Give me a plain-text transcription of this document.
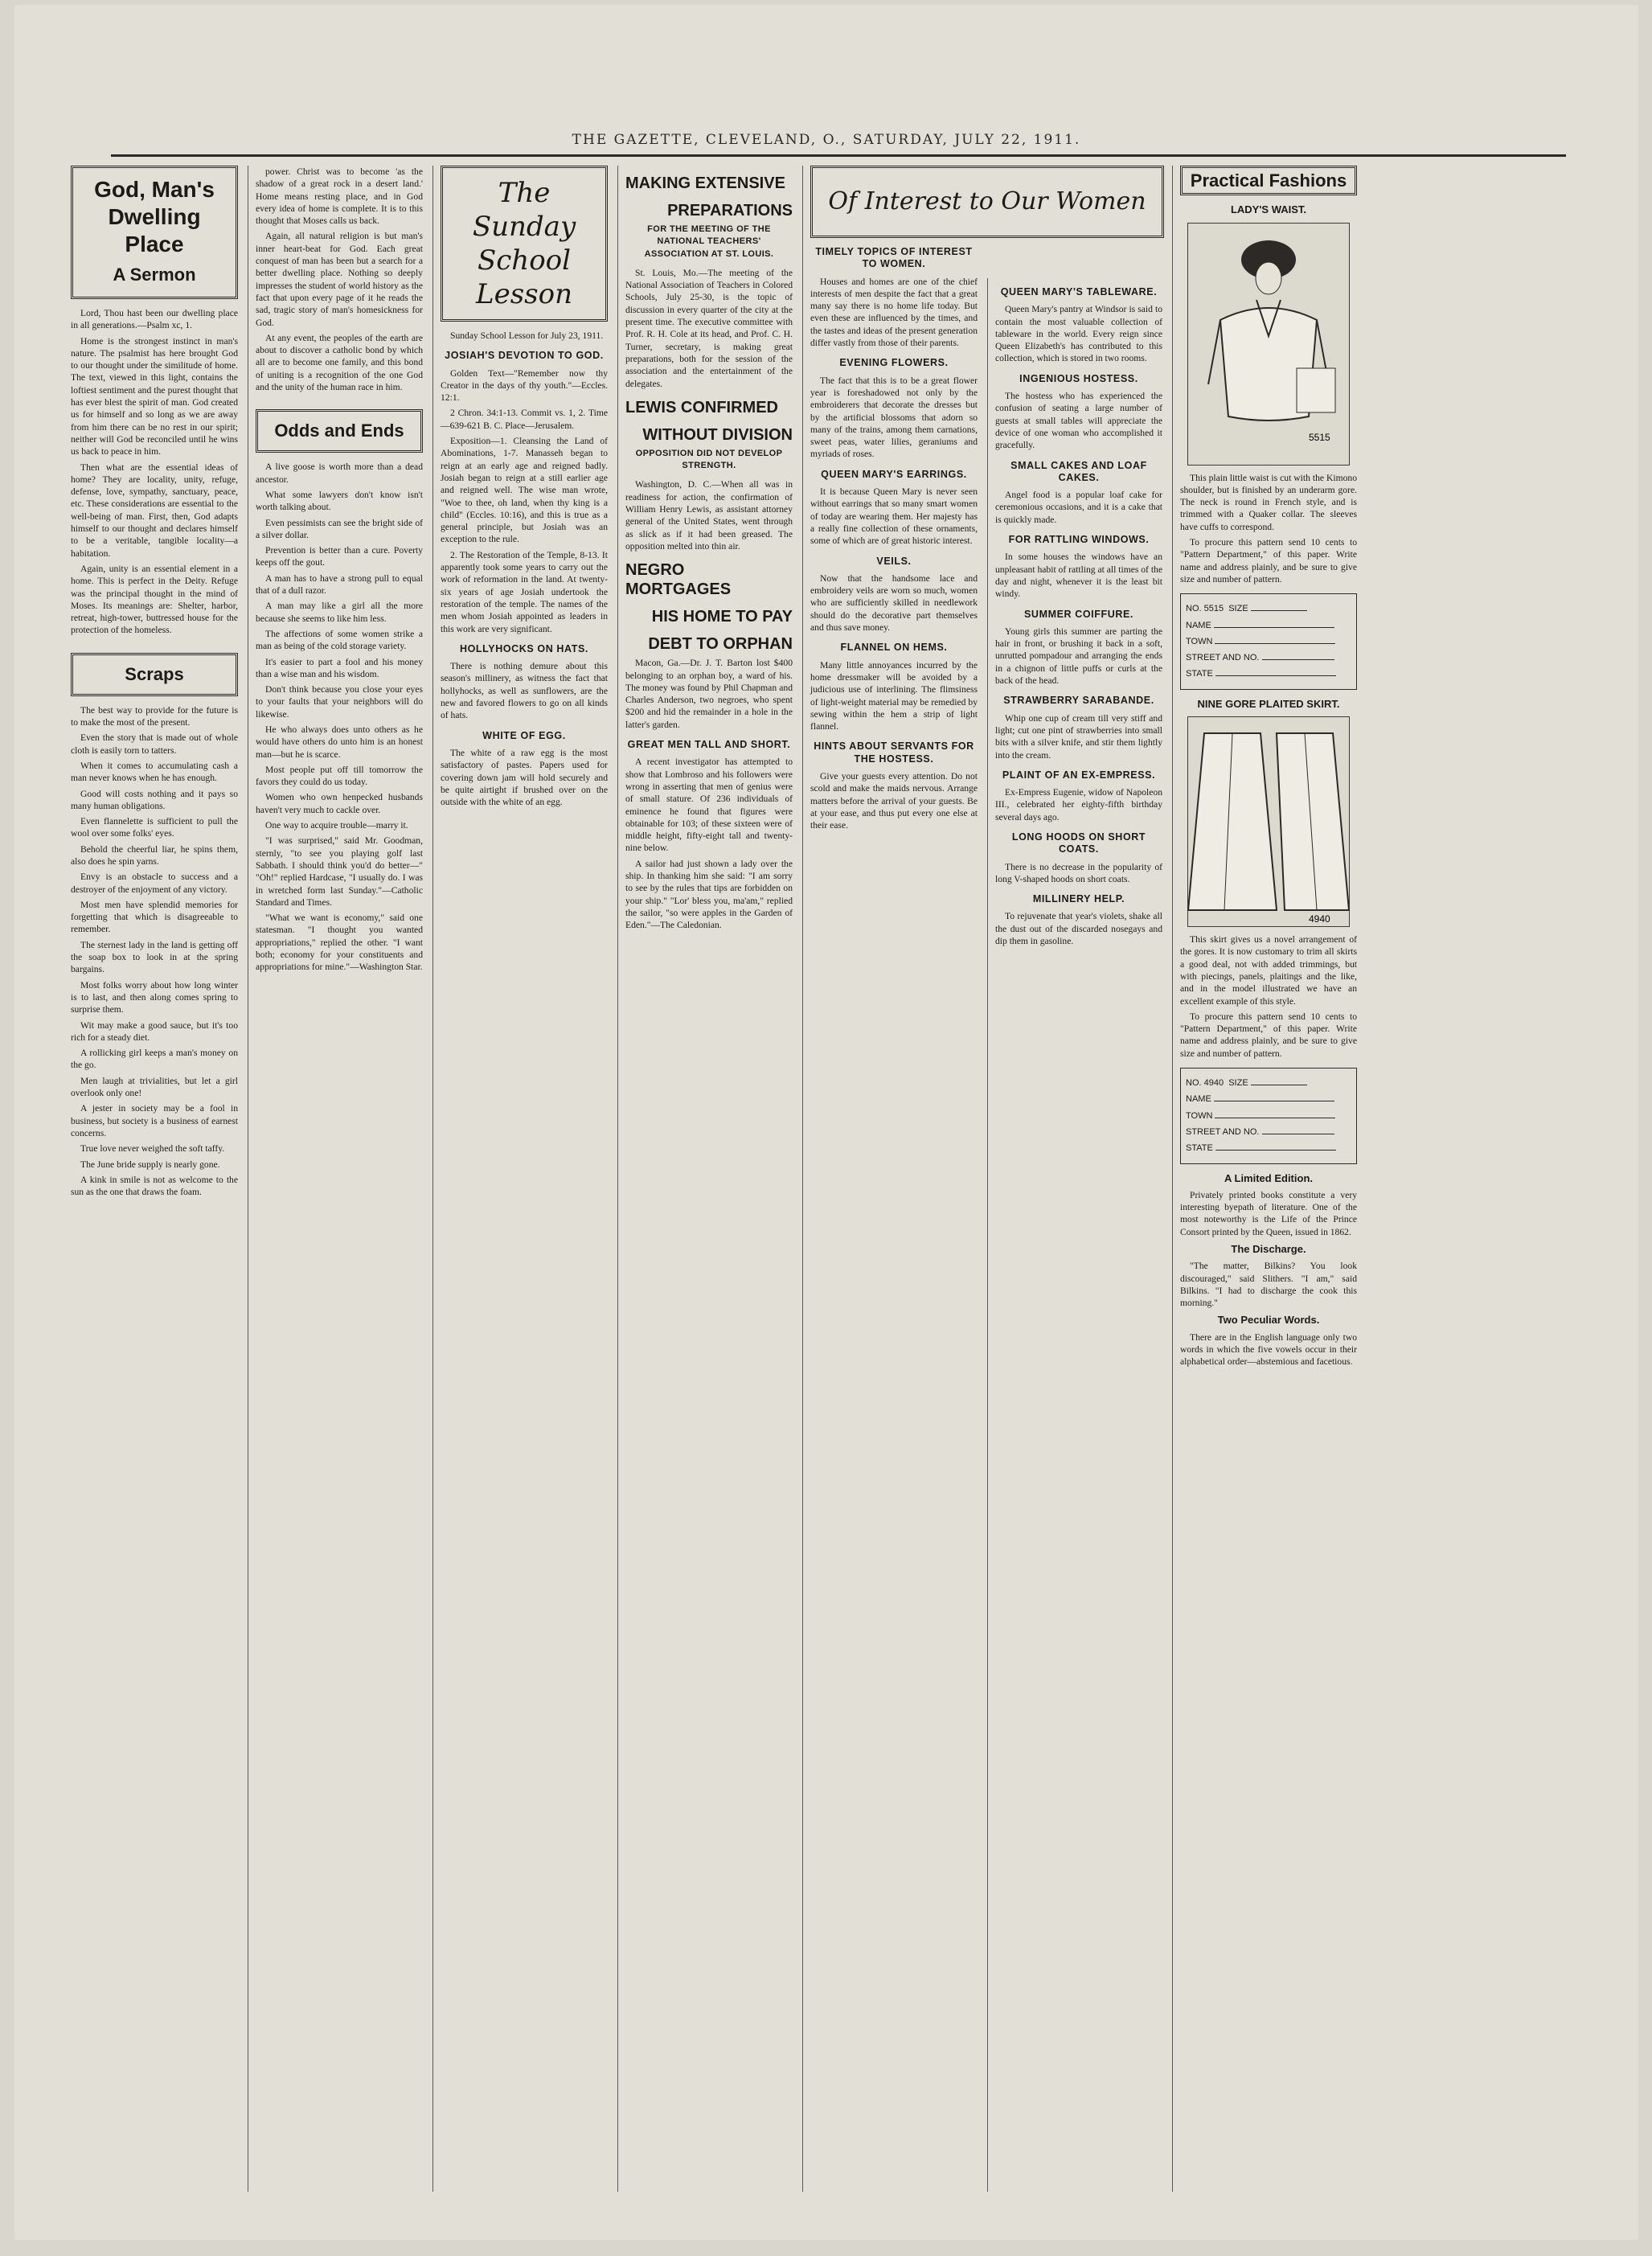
THE GAZETTE, CLEVELAND, O., SATURDAY, JULY 22, 1911.
God, Man's
Dwelling Place
A Sermon

Lord, Thou hast been our dwelling place in all generations.—Psalm xc, 1.

Home is the strongest instinct in man's nature. The psalmist has here brought God to our thought under the similitude of home. The text, viewed in this light, contains the loftiest sentiment and the purest thought that has ever blest the spirit of man. God created us for himself and so long as we are away from him there can be no rest in our spirit; neither will God be reconciled until he wins us back to peace in him.

Then what are the essential ideas of home? They are locality, unity, refuge, defense, love, sympathy, sanctuary, peace, etc. These considerations are essential to the well-being of man. First, then, God adapts himself to our thought and declares himself to be a veritable, tangible locality—a habitation.

Again, unity is an essential element in a home. This is perfect in the Deity. Refuge was the principal thought in the mind of Moses. Its meanings are: Shelter, harbor, retreat, high-tower, buttressed house for the protection of the homeless.

Scraps

The best way to provide for the future is to make the most of the present.

Even the story that is made out of whole cloth is easily torn to tatters.

When it comes to accumulating cash a man never knows when he has enough.

Good will costs nothing and it pays so many human obligations.

Even flannelette is sufficient to pull the wool over some folks' eyes.

Behold the cheerful liar, he spins them, also does he spin yarns.

Envy is an obstacle to success and a destroyer of the enjoyment of any victory.

Most men have splendid memories for forgetting that which is disagreeable to remember.

The sternest lady in the land is getting off the soap box to look in at the spring bargains.

Most folks worry about how long winter is to last, and then along comes spring to surprise them.

Wit may make a good sauce, but it's too rich for a steady diet.

A rollicking girl keeps a man's money on the go.

Men laugh at trivialities, but let a girl overlook only one!

A jester in society may be a fool in business, but society is a business of earnest concerns.

True love never weighed the soft taffy.

The June bride supply is nearly gone.

A kink in smile is not as welcome to the sun as the one that draws the foam.

power. Christ was to become 'as the shadow of a great rock in a desert land.' Home means resting place, and in God every idea of home is complete. It is to this thought that Moses calls us back.

Again, all natural religion is but man's inner heart-beat for God. Each great conquest of man has been but a search for a better dwelling place. Nothing so deeply impresses the student of world history as the fact that upon every page of it he reads the sad, tragic story of man's homesickness for God.

At any event, the peoples of the earth are about to discover a catholic bond by which all are to become one family, and this bond of uniting is a recognition of the one God and the unity of the human race in him.

Odds and Ends

A live goose is worth more than a dead ancestor.

What some lawyers don't know isn't worth talking about.

Even pessimists can see the bright side of a silver dollar.

Prevention is better than a cure. Poverty keeps off the gout.

A man has to have a strong pull to equal that of a dull razor.

A man may like a girl all the more because she seems to like him less.

The affections of some women strike a man as being of the cold storage variety.

It's easier to part a fool and his money than a wise man and his wisdom.

Don't think because you close your eyes to your faults that your neighbors will do likewise.

He who always does unto others as he would have others do unto him is an honest man—but he is scarce.

Most people put off till tomorrow the favors they could do us today.

Women who own henpecked husbands haven't very much to cackle over.

One way to acquire trouble—marry it.

"I was surprised," said Mr. Goodman, sternly, "to see you playing golf last Sabbath. I should think you'd do better—" "Oh!" replied Hardcase, "I usually do. I was in wretched form last Sunday."—Catholic Standard and Times.

"What we want is economy," said one statesman. "I thought you wanted appropriations," replied the other. "I want both; economy for your constituents and appropriations for mine."—Washington Star.

The Sunday
School Lesson

Sunday School Lesson for July 23, 1911.

JOSIAH'S DEVOTION TO GOD.

Golden Text—"Remember now thy Creator in the days of thy youth."—Eccles. 12:1.

2 Chron. 34:1-13. Commit vs. 1, 2. Time—639-621 B. C. Place—Jerusalem.

Exposition—1. Cleansing the Land of Abominations, 1-7. Manasseh began to reign at an early age and reigned badly. Josiah began to reign at a still earlier age and reigned well. The wise man wrote, "Woe to thee, oh land, when thy king is a child" (Eccles. 10:16), and this is true as a general principle, but Josiah was an exception to the rule.

2. The Restoration of the Temple, 8-13. It apparently took some years to carry out the work of reformation in the land. At twenty-six years of age Josiah undertook the restoration of the temple. The names of the men whom Josiah appointed as leaders in this work are very significant.

HOLLYHOCKS ON HATS.

There is nothing demure about this season's millinery, as witness the fact that hollyhocks, as well as sunflowers, are the new and favored flowers to go on all kinds of hats.

WHITE OF EGG.

The white of a raw egg is the most satisfactory of pastes. Papers used for covering down jam will hold securely and be quite airtight if brushed over on the outside with the white of an egg.

MAKING EXTENSIVE
PREPARATIONS
FOR THE MEETING OF THE NATIONAL TEACHERS' ASSOCIATION AT ST. LOUIS.

St. Louis, Mo.—The meeting of the National Association of Teachers in Colored Schools, July 25-30, is the topic of discussion in every quarter of the city at the present time. The executive committee with Prof. R. H. Cole at its head, and Prof. C. H. Turner, secretary, is making great preparations, both for the session of the association and the entertainment of the delegates.

LEWIS CONFIRMED
WITHOUT DIVISION
OPPOSITION DID NOT DEVELOP STRENGTH.

Washington, D. C.—When all was in readiness for action, the confirmation of William Henry Lewis, as assistant attorney general of the United States, went through as slick as if it had been greased. The opposition melted into thin air.

NEGRO MORTGAGES
HIS HOME TO PAY
DEBT TO ORPHAN

Macon, Ga.—Dr. J. T. Barton lost $400 belonging to an orphan boy, a ward of his. The money was found by Phil Chapman and Charles Anderson, two negroes, who spent $200 and hid the remainder in a hole in the latter's garden.

GREAT MEN TALL AND SHORT.

A recent investigator has attempted to show that Lombroso and his followers were wrong in asserting that men of genius were of small stature. Of 236 individuals of eminence he found that figures were obtainable for 103; of these sixteen were of middle height, fifty-eight tall and twenty-nine below.

A sailor had just shown a lady over the ship. In thanking him she said: "I am sorry to see by the rules that tips are forbidden on your ship." "Lor' bless you, ma'am," replied the sailor, "so were apples in the Garden of Eden."—The Caledonian.

Of Interest to Our Women
TIMELY TOPICS OF INTEREST TO WOMEN.

Houses and homes are one of the chief interests of men despite the fact that a great many say there is no home life today. But even these are influenced by the times, and the tastes and ideas of the present generation differ vastly from those of their parents.

EVENING FLOWERS.

The fact that this is to be a great flower year is foreshadowed not only by the embroiderers that decorate the dresses but by the artificial blossoms that adorn so many of the trains, among them carnations, sweet peas, water lilies, geraniums and myriads of roses.

QUEEN MARY'S EARRINGS.

It is because Queen Mary is never seen without earrings that so many smart women of today are wearing them. Her majesty has a really fine collection of these ornaments, some of which are of great historic interest.

VEILS.

Now that the handsome lace and embroidery veils are worn so much, women who are sufficiently skilled in needlework should do the decorative part themselves and thus save money.

FLANNEL ON HEMS.

Many little annoyances incurred by the home dressmaker will be avoided by a judicious use of interlining. The flimsiness of light-weight material may be remedied by sewing within the hem a strip of light flannel.

HINTS ABOUT SERVANTS FOR THE HOSTESS.

Give your guests every attention. Do not scold and make the maids nervous. Arrange matters before the arrival of your guests. Be at your ease, and thus put every one else at their ease.

QUEEN MARY'S TABLEWARE.

Queen Mary's pantry at Windsor is said to contain the most valuable collection of tableware in the world. Every reign since Queen Elizabeth's has contributed to this collection, which is stored in two rooms.

INGENIOUS HOSTESS.

The hostess who has experienced the confusion of seating a large number of guests at small tables will appreciate the device of one woman who accomplished it gracefully.

SMALL CAKES AND LOAF CAKES.

Angel food is a popular loaf cake for ceremonious occasions, and it is a cake that is quickly made.

FOR RATTLING WINDOWS.

In some houses the windows have an unpleasant habit of rattling at all times of the day and night, whenever it is the least bit windy.

SUMMER COIFFURE.

Young girls this summer are parting the hair in front, or brushing it back in a soft, unrutted pompadour and arranging the ends in a chignon of little puffs or curls at the back of the head.

STRAWBERRY SARABANDE.

Whip one cup of cream till very stiff and light; cut one pint of strawberries into small bits with a silver knife, and stir them lightly into the cream.

PLAINT OF AN EX-EMPRESS.

Ex-Empress Eugenie, widow of Napoleon III., celebrated her eighty-fifth birthday several days ago.

LONG HOODS ON SHORT COATS.

There is no decrease in the popularity of long V-shaped hoods on short coats.

MILLINERY HELP.

To rejuvenate that year's violets, shake all the dust out of the discarded nosegays and dip them in gasoline.

Practical Fashions
LADY'S WAIST.
5515

This plain little waist is cut with the Kimono shoulder, but is finished by an underarm gore. The neck is round in French style, and is trimmed with a Quaker collar. The sleeves have cuffs to correspond.

To procure this pattern send 10 cents to "Pattern Department," of this paper. Write name and address plainly, and be sure to give size and number of pattern.

NO. 5515 SIZE
NAME
TOWN
STREET AND NO.
STATE
NINE GORE PLAITED SKIRT.
4940

This skirt gives us a novel arrangement of the gores. It is now customary to trim all skirts a good deal, not with added trimmings, but with piecings, panels, plaitings and the like, and in the model illustrated we have an excellent example of this style.

To procure this pattern send 10 cents to "Pattern Department," of this paper. Write name and address plainly, and be sure to give size and number of pattern.

NO. 4940 SIZE
NAME
TOWN
STREET AND NO.
STATE
A Limited Edition.

Privately printed books constitute a very interesting byepath of literature. One of the most noteworthy is the Life of the Prince Consort printed by the Queen, issued in 1862.

The Discharge.

"The matter, Bilkins? You look discouraged," said Slithers. "I am," said Bilkins. "I had to discharge the cook this morning."

Two Peculiar Words.

There are in the English language only two words in which the five vowels occur in their alphabetical order—abstemious and facetious.
